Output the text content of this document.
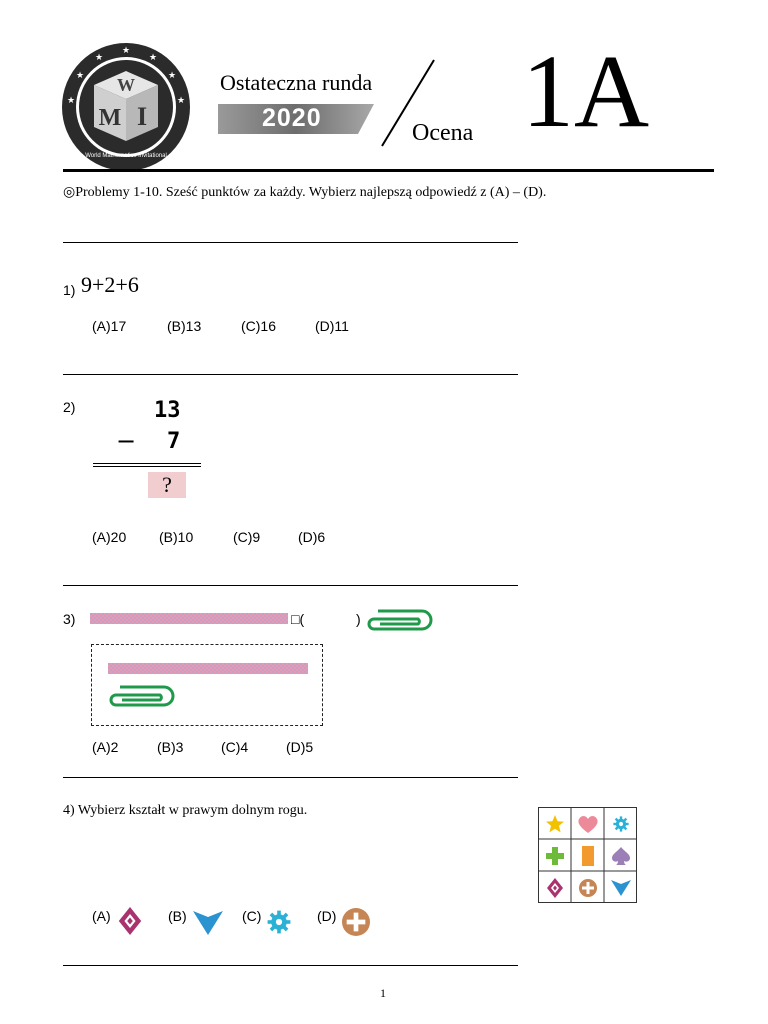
★
★
★
★
★
★	★
W
M I
World Mathematics Invitational
Ostateczna runda
2020
Ocena 1A
◎Problemy 1-10. Sześć punktów za każdy. Wybierz najlepszą odpowiedź z (A) – (D).
1) 9+2+6
(A)17	(B)13	(C)16	(D)11
2)	13
− 7
?
(A)20 (B)10	(C)9	(D)6
3)	□(	)
(A)2	(B)3	(C)4	(D)5
4) Wybierz kształt w prawym dolnym rogu.
(A)	(B)	(C)	(D)
1
